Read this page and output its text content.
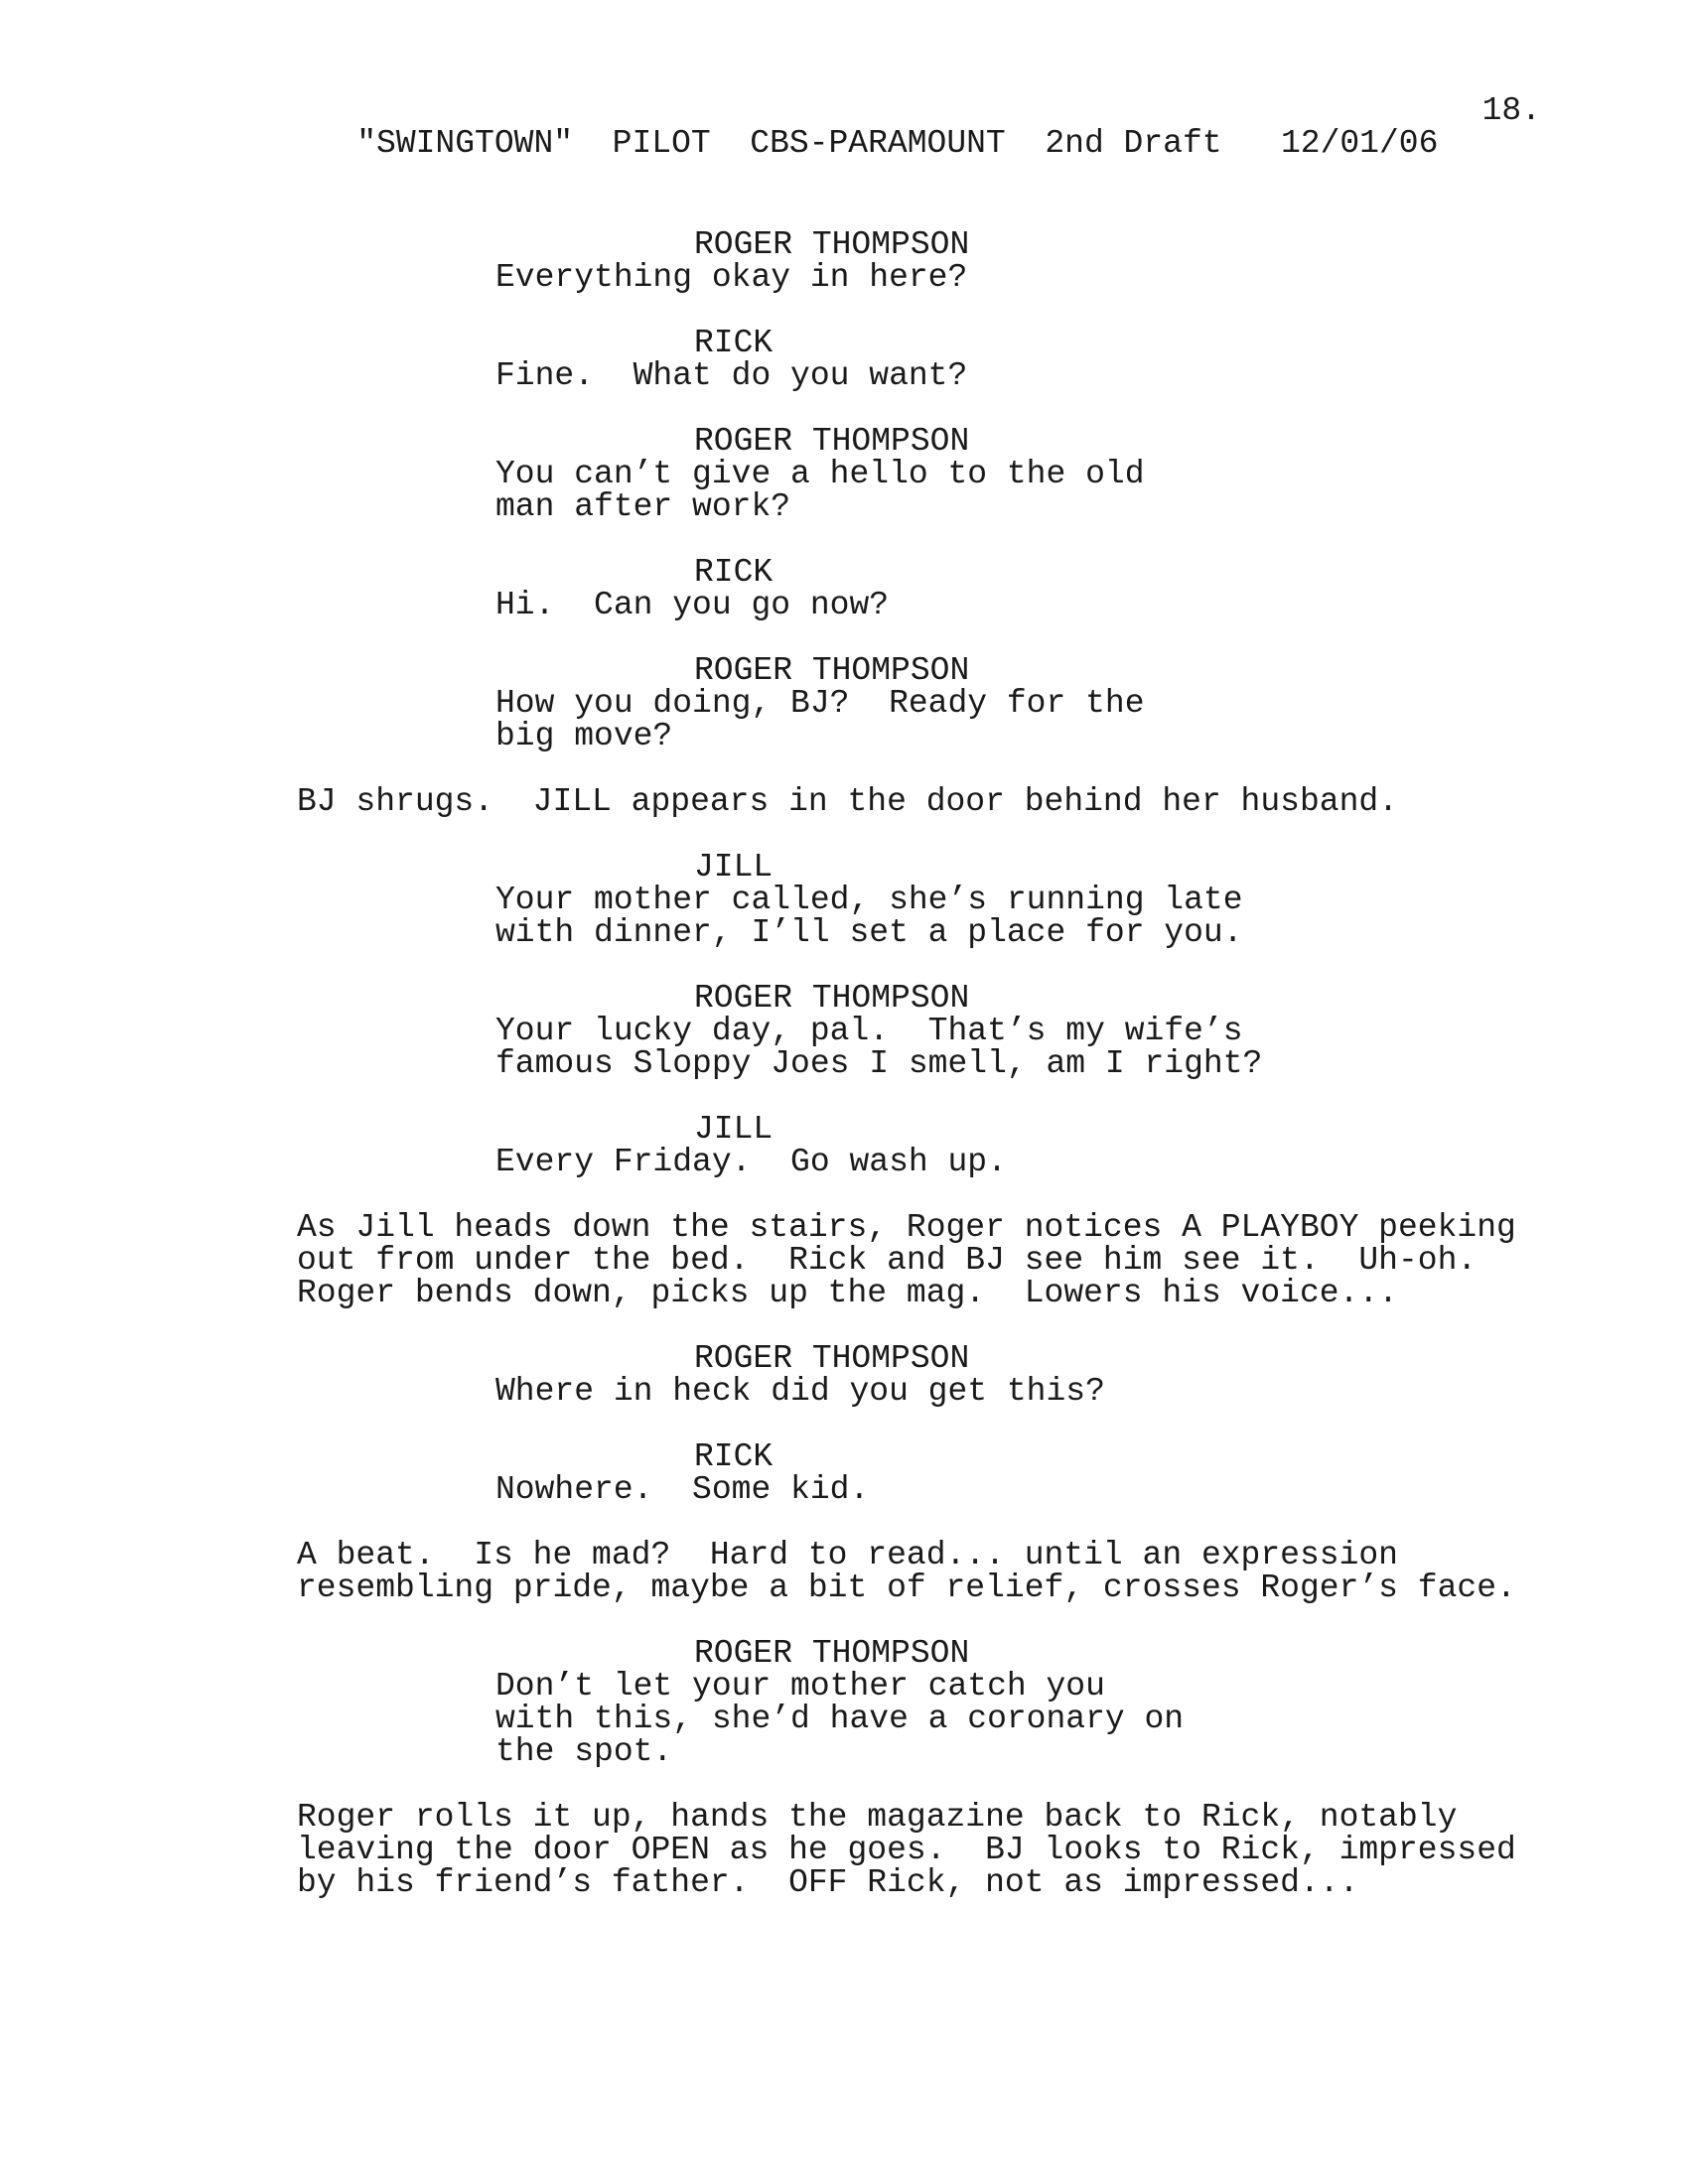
"SWINGTOWN"  PILOT  CBS-PARAMOUNT  2nd Draft   12/01/06

18.

ROGER THOMPSON
Everything okay in here?
RICK
Fine.  What do you want?
ROGER THOMPSON
You can’t give a hello to the old
man after work?
RICK
Hi.  Can you go now?
ROGER THOMPSON
How you doing, BJ?  Ready for the
big move?
BJ shrugs.  JILL appears in the door behind her husband.
JILL
Your mother called, she’s running late
with dinner, I’ll set a place for you.
ROGER THOMPSON
Your lucky day, pal.  That’s my wife’s
famous Sloppy Joes I smell, am I right?
JILL
Every Friday.  Go wash up.
As Jill heads down the stairs, Roger notices A PLAYBOY peeking
out from under the bed.  Rick and BJ see him see it.  Uh-oh.
Roger bends down, picks up the mag.  Lowers his voice...
ROGER THOMPSON
Where in heck did you get this?
RICK
Nowhere.  Some kid.
A beat.  Is he mad?  Hard to read... until an expression
resembling pride, maybe a bit of relief, crosses Roger’s face.
ROGER THOMPSON
Don’t let your mother catch you
with this, she’d have a coronary on
the spot.
Roger rolls it up, hands the magazine back to Rick, notably
leaving the door OPEN as he goes.  BJ looks to Rick, impressed
by his friend’s father.  OFF Rick, not as impressed...
